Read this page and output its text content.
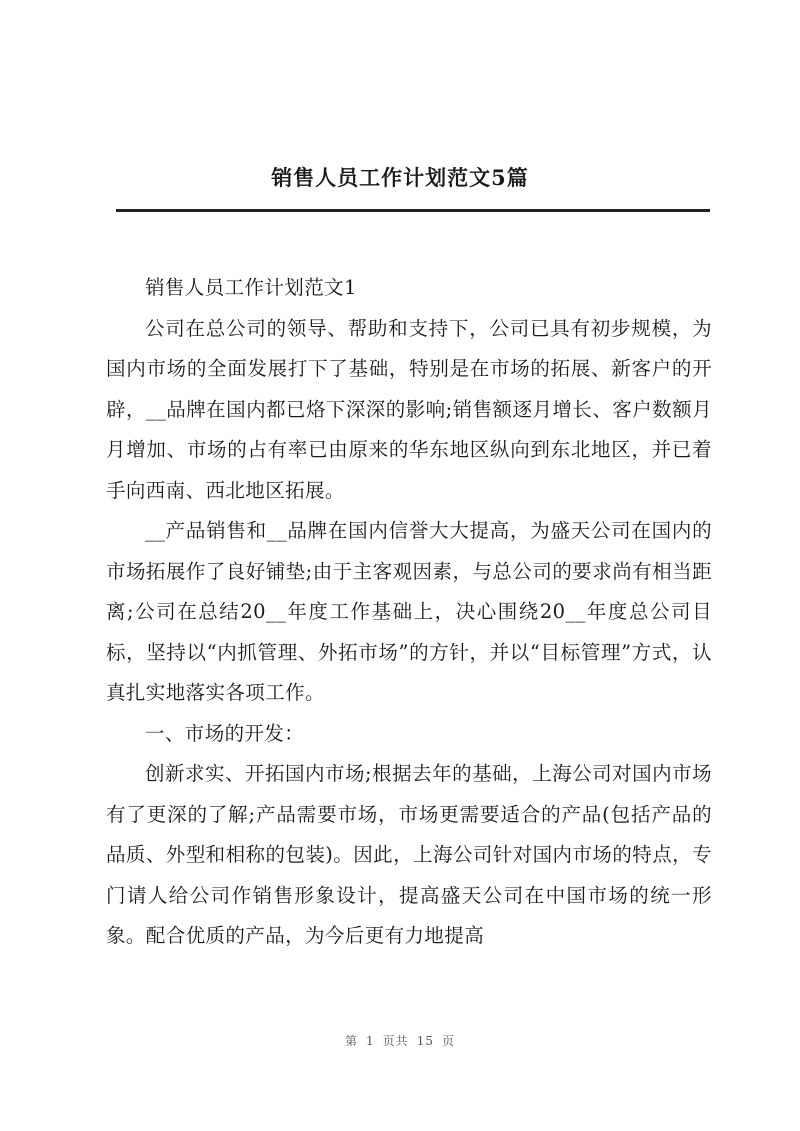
销售人员工作计划范文5篇

销售人员工作计划范文1

公司在总公司的领导、帮助和支持下，公司已具有初步规模，为国内市场的全面发展打下了基础，特别是在市场的拓展、新客户的开辟，__品牌在国内都已烙下深深的影响;销售额逐月增长、客户数额月月增加、市场的占有率已由原来的华东地区纵向到东北地区，并已着手向西南、西北地区拓展。

__产品销售和__品牌在国内信誉大大提高，为盛天公司在国内的市场拓展作了良好铺垫;由于主客观因素，与总公司的要求尚有相当距离;公司在总结20__年度工作基础上，决心围绕20__年度总公司目标，坚持以“内抓管理、外拓市场”的方针，并以“目标管理”方式，认真扎实地落实各项工作。

一、市场的开发：

创新求实、开拓国内市场;根据去年的基础，上海公司对国内市场有了更深的了解;产品需要市场，市场更需要适合的产品(包括产品的品质、外型和相称的包装)。因此，上海公司针对国内市场的特点，专门请人给公司作销售形象设计，提高盛天公司在中国市场的统一形象。配合优质的产品，为今后更有力地提高

第 1 页共 15 页
